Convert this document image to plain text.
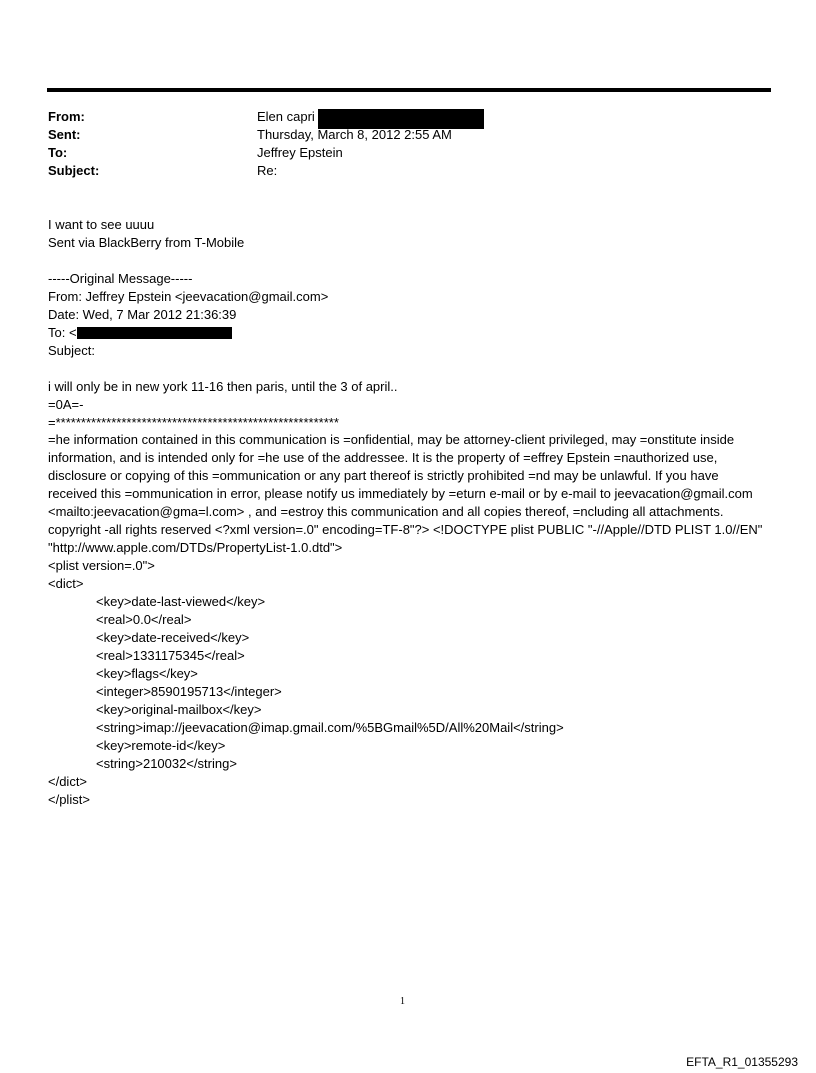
From:	Elen capri
Sent:	Thursday, March 8, 2012 2:55 AM
To:	Jeffrey Epstein
Subject:	Re:
I want to see uuuu
Sent via BlackBerry from T-Mobile
-----Original Message-----
From: Jeffrey Epstein <jeevacation@gmail.com>
Date: Wed, 7 Mar 2012 21:36:39
To: <
Subject:
i will only be in new york 11-16 then paris, until the 3 of april..
=0A=-
=********************************************************
=he information contained in this communication is =onfidential, may be attorney-client privileged, may =onstitute inside information, and is intended only for =he use of the addressee. It is the property of =effrey Epstein =nauthorized use, disclosure or copying of this =ommunication or any part thereof is strictly prohibited =nd may be unlawful. If you have received this =ommunication in error, please notify us immediately by =eturn e-mail or by e-mail to jeevacation@gmail.com <mailto:jeevacation@gma=l.com> , and =estroy this communication and all copies thereof, =ncluding all attachments. copyright -all rights reserved <?xml version=.0" encoding=TF-8"?> <!DOCTYPE plist PUBLIC "-//Apple//DTD PLIST 1.0//EN" "http://www.apple.com/DTDs/PropertyList-1.0.dtd">
<plist version=.0">
<dict>
<key>date-last-viewed</key>
<real>0.0</real>
<key>date-received</key>
<real>1331175345</real>
<key>flags</key>
<integer>8590195713</integer>
<key>original-mailbox</key>
<string>imap://jeevacation@imap.gmail.com/%5BGmail%5D/All%20Mail</string>
<key>remote-id</key>
<string>210032</string>
</dict>
</plist>
1
EFTA_R1_01355293
